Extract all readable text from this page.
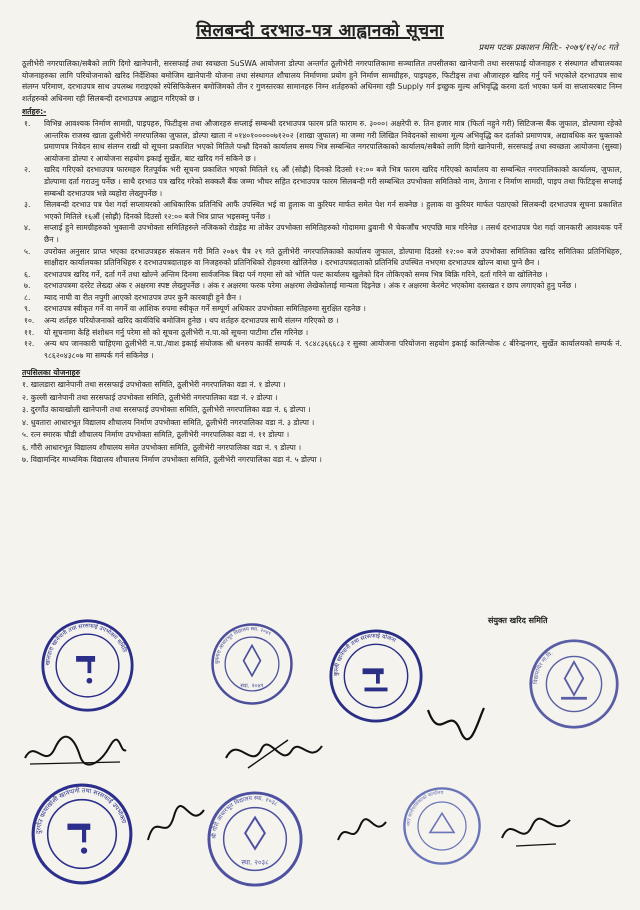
सिलबन्दी दरभाउ-पत्र आह्वानको सूचना
प्रथम पटक प्रकाशन मिति:- २०७९/१२/०८ गते

ठूलीभेरी नगरपालिका/सबैको लागि दिगो खानेपानी, सरसफाई तथा स्वच्छता SuSWA आयोजना डोल्पा अन्तर्गत ठूलीभेरी नगरपालिकामा सञ्चालित तपसीलका खानेपानी तथा सरसफाई योजनाहरु र संस्थागत शौचालयका योजनाहरुका लागि परियोजनाको खरिद निर्देशिका बमोजिम खानेपानी योजना तथा संस्थागत शौचालय निर्माणमा प्रयोग हुने निर्माण सामग्रीहरु, पाइपहरु, फिटीङ्स तथा औजारहरु खरिद गर्नु पर्ने भएकोले दरभाउपत्र साथ संलग्न परिमाण, दरभाउपत्र साथ उपलब्ध गराइएको स्पेसिफिकेसन बमोजिमको तीन र गुणस्तरका सामानहरु निम्न शर्तहरुको अधिनमा रही Supply गर्न इच्छुक मुल्य अभिवृद्धि करमा दर्ता भएका फर्म वा सप्लायरबाट निम्न शर्तहरुको अधिनमा रही सिलबन्दी दरभाउपत्र आह्वान गरिएको छ ।

शर्तहरु:-
१.	विभिन्न आवश्यक निर्माण सामग्री, पाइपहरु, फिटीङ्स तथा औजारहरु सप्लाई सम्बन्धी दरभाउपत्र फारम प्रति फाराम रु. ३०००। अक्षरेपी रु. तिन हजार मात्र (फिर्ता नहुने गरी) सिटिजन्स बैंक जुफाल, डोल्पामा रहेको आन्तरिक राजस्व खाता ठूलीभेरी नगरपालिका जुफाल, डोल्पा खाता नं ०१४०१०००००७१२०२ (शाखा जुफाल) मा जम्मा गरी लिखित निवेदनको साथमा मूल्य अभिवृद्धि कर दर्ताको प्रमाणपत्र, अद्यावधिक कर चुक्ताको प्रमाणपत्र निवेदन साथ संलग्न राखी यो सूचना प्रकाशित भएको मितिले पन्ध्रौ दिनको कार्यालय समय भित्र सम्बन्धित नगरपालिकाको कार्यालय/सबैको लागि दिगो खानेपानी, सरसफाई तथा स्वच्छता आयोजना (सुस्वा) आयोजना डोल्पा र आयोजना सहयोग इकाई सुर्खेत, बाट खरिद गर्न सकिने छ ।
२.	खरिद गरिएको दरभाउपत्र फारमहरु रितपूर्वक भरी सूचना प्रकाशित भएको मितिले १६ औं (सोह्रौ) दिनको दिउसो १२:०० बजे भित्र फारम खरिद गरिएको कार्यालय वा सम्बन्धित नगरपालिकाको कार्यालय, जुफाल, डोल्पामा दर्ता गराउनु पर्नेछ । साथै दरभाउ पत्र खरिद गरेको सक्कलै बैंक जम्मा भौचर सहित दरभाउपत्र फारम सिलबन्दी गरी सम्बन्धित उपभोक्ता समितिको नाम, ठेगाना र निर्माण सामग्री, पाइप तथा फिटिङ्स सप्लाई सम्बन्धी दरभाउपत्र भन्ने व्यहोरा लेख्नुपर्नेछ ।
३.	सिलबन्दी दरभाउ पत्र पेश गर्दा सप्लायरको आधिकारिक प्रतिनिधि आफैं उपस्थित भई वा हुलाक वा कुरियर मार्फत समेत पेश गर्न सक्नेछ । हुलाक वा कुरियर मार्फत पठाएको सिलबन्दी दरभाउपत्र सूचना प्रकाशित भएको मितिले १६औं (सोह्रौ) दिनको दिउसो १२:०० बजे भित्र प्राप्त भइसक्नु पर्नेछ ।
४.	सप्लाई हुने सामग्रीहरुको भुक्तानी उपभोक्ता समितिहरुले नजिकको रोडहेड मा तोकेर उपभोक्ता समितिहरुको गोदाममा ढुवानी भै चेकजाँच भएपछि मात्र गरिनेछ । तसर्थ दरभाउपत्र पेश गर्दा जानकारी आवश्यक पर्ने छैन ।
५.	उपरोक्त अनुसार प्राप्त भएका दरभाउपत्रहरु संकलन गरी मिति २०७९ चैत्र २९ गते ठूलीभेरी नगरपालिकाको कार्यालय जुफाल, डोल्पामा दिउसो १२:०० बजे उपभोक्ता समितिका खरिद समितिका प्रतिनिधिहरु, साक्षीदार कार्यालयका प्रतिनिधिहरु र दरभाउपत्रदाताहरु वा निजहरुको प्रतिनिधिको रोहवरमा खोलिनेछ । दरभाउपत्रदाताको प्रतिनिधि उपस्थित नभएमा दरभाउपत्र खोल्न बाधा पुग्ने छैन ।
६.	दरभाउपत्र खरिद गर्ने, दर्ता गर्ने तथा खोल्ने अन्तिम दिनमा सार्वजनिक बिदा पर्न गएमा सो को भोलि पल्ट कार्यालय खुलेको दिन तोकिएको समय भित्र बिक्रि गरिने, दर्ता गरिने वा खोलिनेछ ।
७.	दरभाउपत्रमा दररेट लेख्दा अंक र अक्षरमा स्पष्ट लेख्नुपर्नेछ । अंक र अक्षरमा फरक परेमा अक्षरमा लेखेकोलाई मान्यता दिइनेछ । अंक र अक्षरमा केरमेट भएकोमा दस्तखत र छाप लगाएको हुनु पर्नेछ ।
८.	म्याद नाघी वा रीत नपुगी आएको दरभाउपत्र उपर कुनै कारबाही हुने छैन ।
९.	दरभाउपत्र स्वीकृत गर्ने वा नगर्ने वा आंशिक रुपमा स्वीकृत गर्ने सम्पूर्ण अधिकार उपभोक्ता समितिहरुमा सुरक्षित रहनेछ ।
१०.	अन्य शर्तहरु परियोजनाको खरिद कार्यविधि बमोजिम हुनेछ । थप शर्तहरु दरभाउपत्र साथै संलग्न गरिएको छ ।
११.	यो सूचनामा केहि संशोधन गर्नु परेमा सो को सूचना ठूलीभेरी न.पा.को सूचना पाटीमा टाँस गरिनेछ ।
१२.	अन्य थप जानकारी चाहिएमा ठूलीभेरी न.पा./वाश इकाई संयोजक श्री धनरुप कार्की सम्पर्क नं. ९८४८३६६६८३ र सुस्वा आयोजना परियोजना सहयोग इकाई कालिन्चोक ८ बीरेन्द्रनगर, सुर्खेत कार्यालयको सम्पर्क नं. ९८६२०४३८०७ मा सम्पर्क गर्न सकिनेछ ।
तपसिलका योजनाहरु
१. खालडारा खानेपानी तथा सरसफाई उपभोक्ता समिति, ठूलीभेरी नगरपालिका वडा नं. १ डोल्पा ।
२. कुल्ली खानेपानी तथा सरसफाई उपभोक्ता समिति, ठूलीभेरी नगरपालिका वडा नं. २ डोल्पा ।
३. दुरगाँउ कायाखोली खानेपानी तथा सरसफाई उपभोक्ता समिति, ठूलीभेरी नगरपालिका वडा नं. ६ डोल्पा ।
४. धुवतारा आधारभूत विद्यालय शौचालय निर्माण उपभोक्ता समिति, ठूलीभेरी नगरपालिका वडा नं. ३ डोल्पा ।
५. रत्न स्मारक चौडी शौचालय निर्माण उपभोक्ता समिति, ठूलीभेरी नगरपालिका वडा नं. ११ डोल्पा ।
६. गौरी आधारभूत विद्यालय शौचालय समेत उपभोक्ता समिति, ठूलीभेरी नगरपालिका वडा नं. ९ डोल्पा ।
७. विद्यामन्दिर माध्यमिक विद्यालय शौचालय निर्माण उपभोक्ता समिति, ठूलीभेरी नगरपालिका वडा नं. ५ डोल्पा ।
संयुक्त खरिद समिति
खालडारा खानेपानी तथा सरसफाई उपभोक्ता समिति
स्था. २०४९
धुवतारा आधारभूत विद्यालय स्था. २०४९
कुल्ली खानेपानी तथा सरसफाई योजना
विद्यामन्दिर मा.वि.
दुरगाँउ कायाखोली खानेपानी तथा सरसफाई उपभोक्ता
स्था. २०३८
श्री गौरी आधारभूत विद्यालय स्था. २०३८
नगर कार्यपालिकाको कार्यालय
